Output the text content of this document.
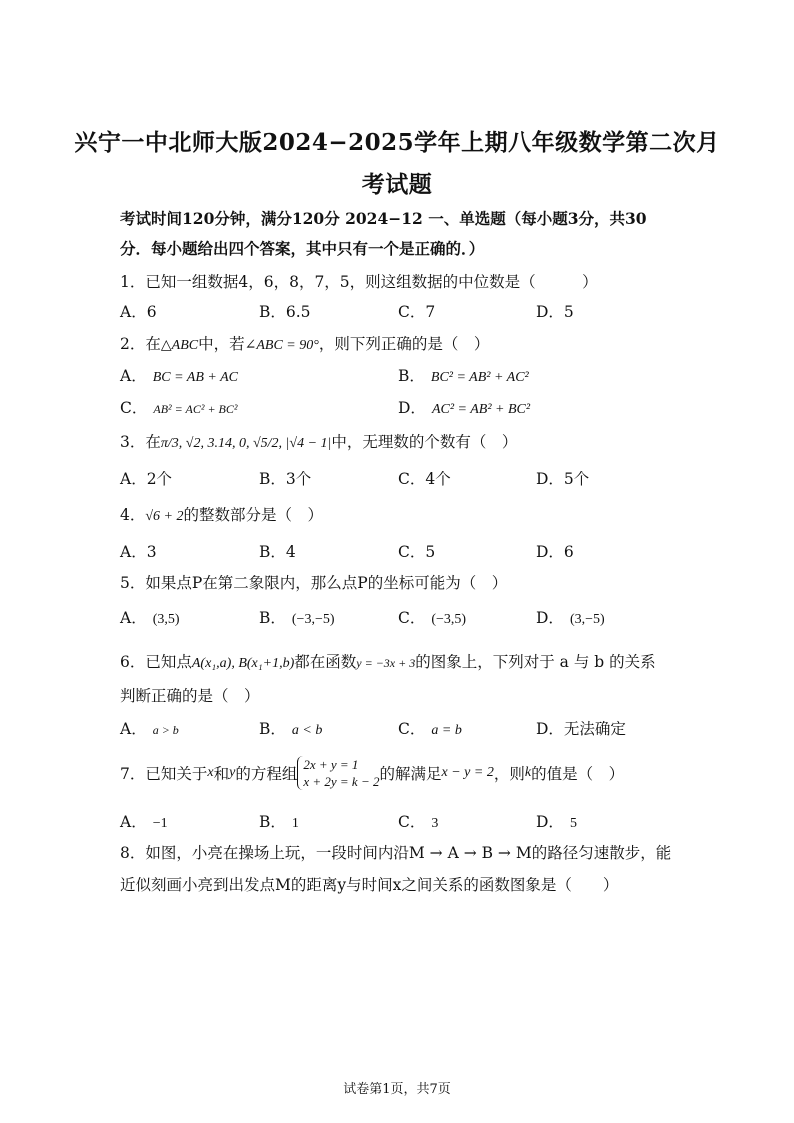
兴宁一中北师大版2024−2025学年上期八年级数学第二次月
考试题
考试时间120分钟，满分120分 2024−12 一、单选题（每小题3分，共30
分．每小题给出四个答案，其中只有一个是正确的．）
1．已知一组数据4，6，8，7，5，则这组数据的中位数是（　　　）
A．6	B．6.5	C．7	D．5
2．在△ABC中，若∠ABC = 90°，则下列正确的是（　）
A． BC = AB + AC	B． BC² = AB² + AC²
C． AB² = AC² + BC²	D． AC² = AB² + BC²
3．在π/3, √2, 3.14, 0, √5/2, |√4 − 1|中，无理数的个数有（　）
A．2个	B．3个	C．4个	D．5个
4．√6 + 2的整数部分是（　）
A．3	B．4	C．5	D．6
5．如果点P在第二象限内，那么点P的坐标可能为（　）
A． (3,5)	B． (−3,−5)	C． (−3,5)	D． (3,−5)
6．已知点A(x₁,a), B(x₁+1,b)都在函数y = −3x + 3的图象上，下列对于 a 与 b 的关系
判断正确的是（　）
A． a > b	B． a < b	C． a = b	D．无法确定
7．已知关于 x 和 y 的方程组
2x + y = 1
x + 2y = k − 2 的解满足 x − y = 2 ，则 k 的值是（　）
A． −1	B． 1	C． 3	D． 5
8．如图，小亮在操场上玩，一段时间内沿M → A → B → M的路径匀速散步，能
近似刻画小亮到出发点M的距离y与时间x之间关系的函数图象是（　　）
试卷第1页，共7页
